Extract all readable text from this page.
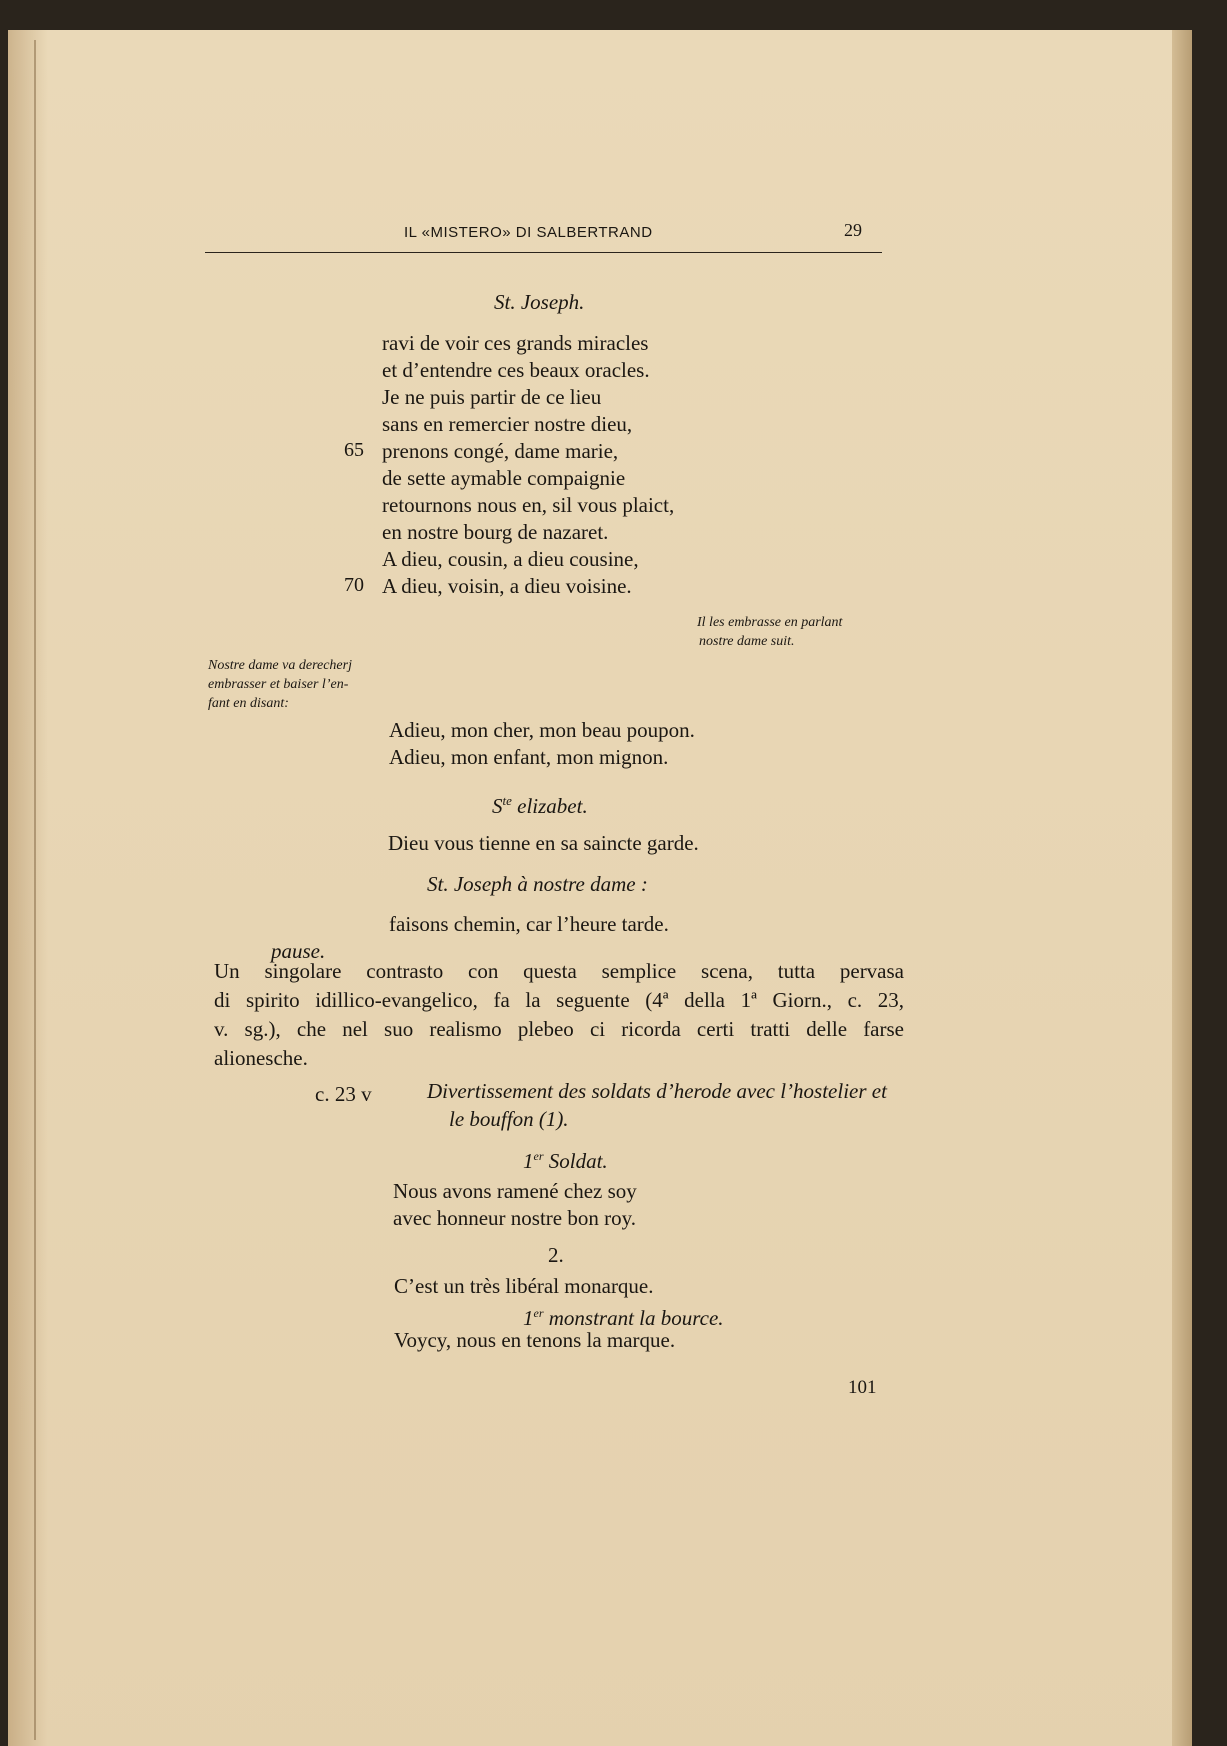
IL «MISTERO» DI SALBERTRAND	29
St. Joseph.
ravi de voir ces grands miracles
et d’entendre ces beaux oracles.
Je ne puis partir de ce lieu
sans en remercier nostre dieu,
prenons congé, dame marie,
de sette aymable compaignie
retournons nous en, sil vous plaict,
en nostre bourg de nazaret.
A dieu, cousin, a dieu cousine,
A dieu, voisin, a dieu voisine.
65
70
Il les embrasse en parlant
nostre dame suit.
Nostre dame va derecherj
embrasser et baiser l’en-
fant en disant:
Adieu, mon cher, mon beau poupon.
Adieu, mon enfant, mon mignon.
$S^{te}$ elizabet.
Dieu vous tienne en sa saincte garde.
St. Joseph à nostre dame :
faisons chemin, car l’heure tarde.
pause.
Un singolare contrasto con questa semplice scena, tutta pervasa
di spirito idillico-evangelico, fa la seguente (4ª della 1ª Giorn., c. 23,
v. sg.), che nel suo realismo plebeo ci ricorda certi tratti delle farse
alionesche.
c. 23 v	Divertissement des soldats d’herode avec l’hostelier et
le bouffon (1).
1er Soldat.
Nous avons ramené chez soy
avec honneur nostre bon roy.
2.
C’est un très libéral monarque.
1er monstrant la bource.
Voycy, nous en tenons la marque.
101
